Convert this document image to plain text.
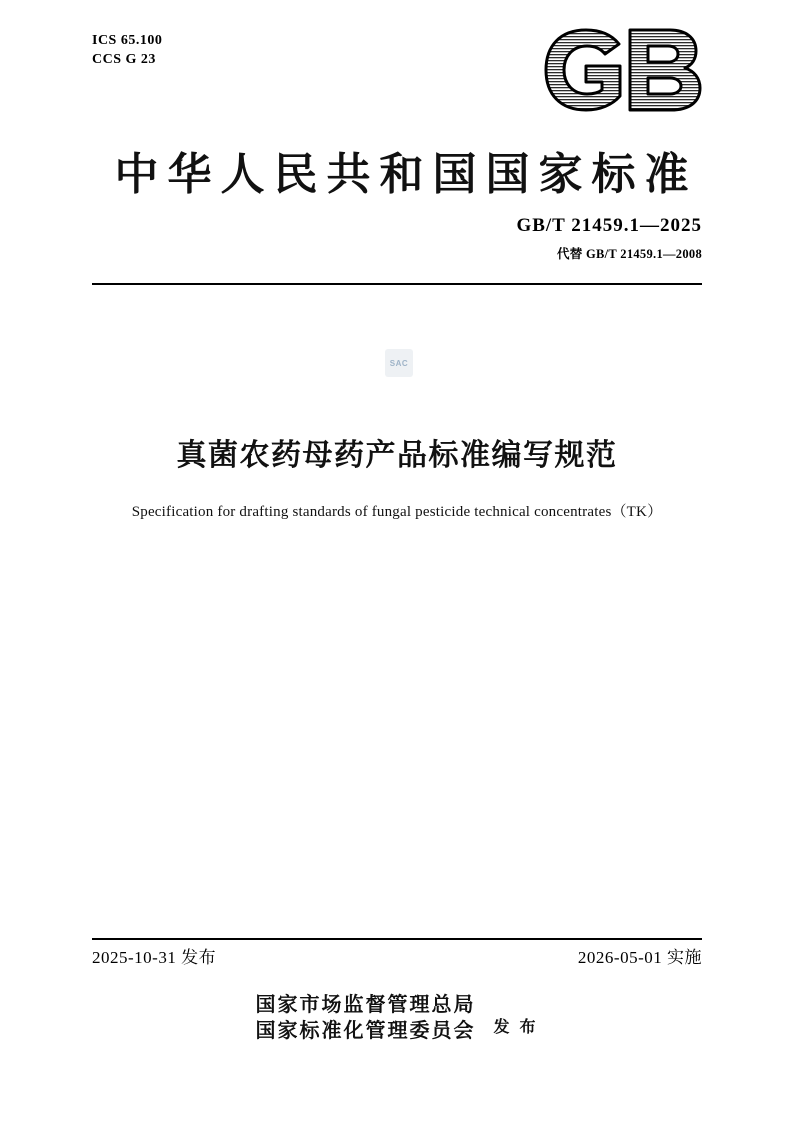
ICS 65.100
CCS G 23
中华人民共和国国家标准
GB/T 21459.1—2025
代替 GB/T 21459.1—2008
SAC
真菌农药母药产品标准编写规范
Specification for drafting standards of fungal pesticide technical concentrates（TK）
2025-10-31 发布	2026-05-01 实施
国家市场监督管理总局
国家标准化管理委员会 发 布
